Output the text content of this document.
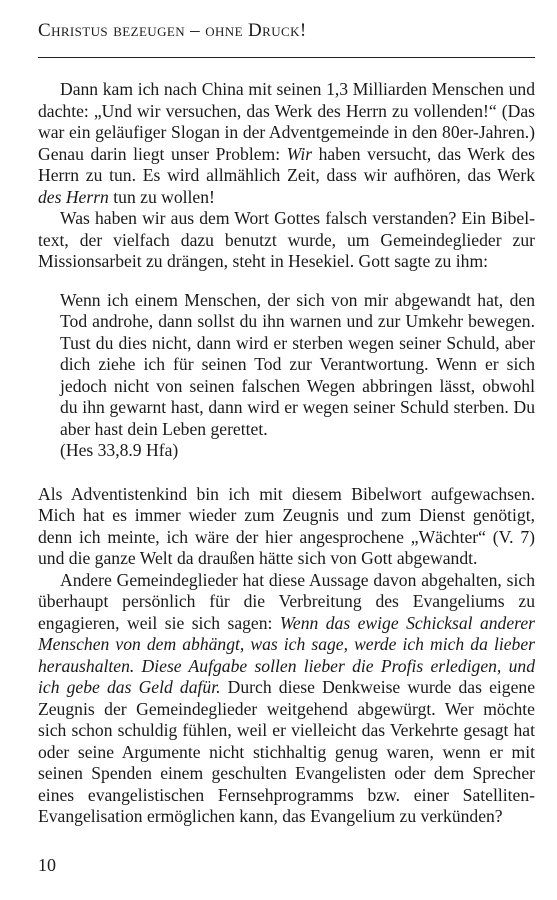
Christus bezeugen – ohne Druck!

Dann kam ich nach China mit seinen 1,3 Milliarden Menschen und dachte: „Und wir versuchen, das Werk des Herrn zu vollenden!“ (Das war ein geläufiger Slogan in der Adventgemeinde in den 80er-Jahren.) Genau darin liegt unser Problem: Wir haben versucht, das Werk des Herrn zu tun. Es wird allmählich Zeit, dass wir aufhören, das Werk des Herrn tun zu wollen!

Was haben wir aus dem Wort Gottes falsch verstanden? Ein Bibeltext, der vielfach dazu benutzt wurde, um Gemeindeglieder zur Missionsarbeit zu drängen, steht in Hesekiel. Gott sagte zu ihm:

Wenn ich einem Menschen, der sich von mir abgewandt hat, den Tod androhe, dann sollst du ihn warnen und zur Umkehr bewegen. Tust du dies nicht, dann wird er sterben wegen seiner Schuld, aber dich ziehe ich für seinen Tod zur Verantwortung. Wenn er sich jedoch nicht von seinen falschen Wegen abbringen lässt, obwohl du ihn gewarnt hast, dann wird er wegen seiner Schuld sterben. Du aber hast dein Leben gerettet.

(Hes 33,8.9 Hfa)

Als Adventistenkind bin ich mit diesem Bibelwort aufgewachsen. Mich hat es immer wieder zum Zeugnis und zum Dienst genötigt, denn ich meinte, ich wäre der hier angesprochene „Wächter“ (V. 7) und die ganze Welt da draußen hätte sich von Gott abgewandt.

Andere Gemeindeglieder hat diese Aussage davon abgehalten, sich überhaupt persönlich für die Verbreitung des Evangeliums zu engagieren, weil sie sich sagen: Wenn das ewige Schicksal anderer Menschen von dem abhängt, was ich sage, werde ich mich da lieber heraushalten. Diese Aufgabe sollen lieber die Profis erledigen, und ich gebe das Geld dafür. Durch diese Denkweise wurde das eigene Zeugnis der Gemeindeglieder weitgehend abgewürgt. Wer möchte sich schon schuldig fühlen, weil er vielleicht das Verkehrte gesagt hat oder seine Argumente nicht stichhaltig genug waren, wenn er mit seinen Spenden einem geschulten Evangelisten oder dem Sprecher eines evangelistischen Fernsehprogramms bzw. einer Satelliten-Evangelisation ermöglichen kann, das Evangelium zu verkünden?

10
